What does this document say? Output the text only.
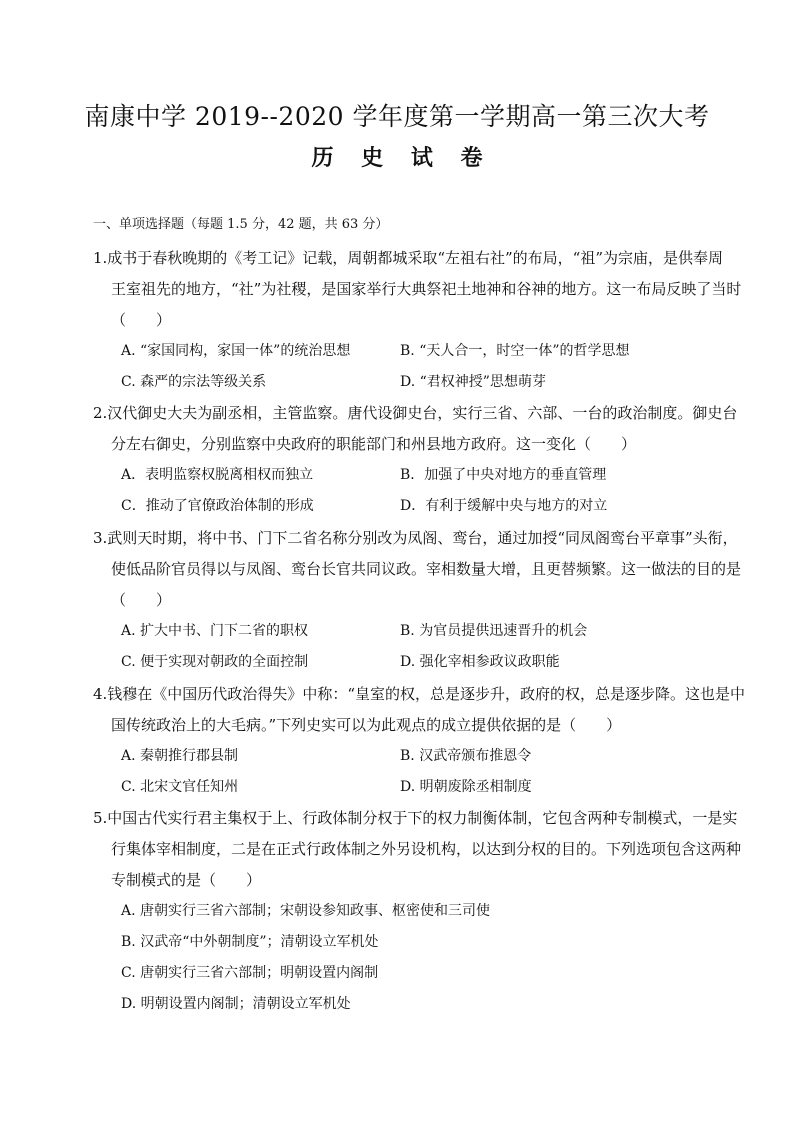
南康中学 2019--2020 学年度第一学期高一第三次大考
历 史 试 卷
一、单项选择题（每题 1.5 分，42 题，共 63 分）
1.成书于春秋晚期的《考工记》记载，周朝都城采取“左祖右社”的布局，“祖”为宗庙，是供奉周
王室祖先的地方，“社”为社稷，是国家举行大典祭祀土地神和谷神的地方。这一布局反映了当时
（　　）
A. “家国同构，家国一体”的统治思想	B. “天人合一，时空一体”的哲学思想
C. 森严的宗法等级关系	D. “君权神授”思想萌芽
2.汉代御史大夫为副丞相，主管监察。唐代设御史台，实行三省、六部、一台的政治制度。御史台
分左右御史，分别监察中央政府的职能部门和州县地方政府。这一变化（　　）
A．表明监察权脱离相权而独立	B．加强了中央对地方的垂直管理
C．推动了官僚政治体制的形成	D．有利于缓解中央与地方的对立
3.武则天时期，将中书、门下二省名称分别改为凤阁、鸾台，通过加授“同凤阁鸾台平章事”头衔，
使低品阶官员得以与凤阁、鸾台长官共同议政。宰相数量大增，且更替频繁。这一做法的目的是
（　　）
A. 扩大中书、门下二省的职权	B. 为官员提供迅速晋升的机会
C. 便于实现对朝政的全面控制	D. 强化宰相参政议政职能
4.钱穆在《中国历代政治得失》中称：“皇室的权，总是逐步升，政府的权，总是逐步降。这也是中
国传统政治上的大毛病。”下列史实可以为此观点的成立提供依据的是（　　）
A. 秦朝推行郡县制	B. 汉武帝颁布推恩令
C. 北宋文官任知州	D. 明朝废除丞相制度
5.中国古代实行君主集权于上、行政体制分权于下的权力制衡体制，它包含两种专制模式，一是实
行集体宰相制度，二是在正式行政体制之外另设机构，以达到分权的目的。下列选项包含这两种
专制模式的是（　　）
A. 唐朝实行三省六部制；宋朝设参知政事、枢密使和三司使
B. 汉武帝“中外朝制度”；清朝设立军机处
C. 唐朝实行三省六部制；明朝设置内阁制
D. 明朝设置内阁制；清朝设立军机处
